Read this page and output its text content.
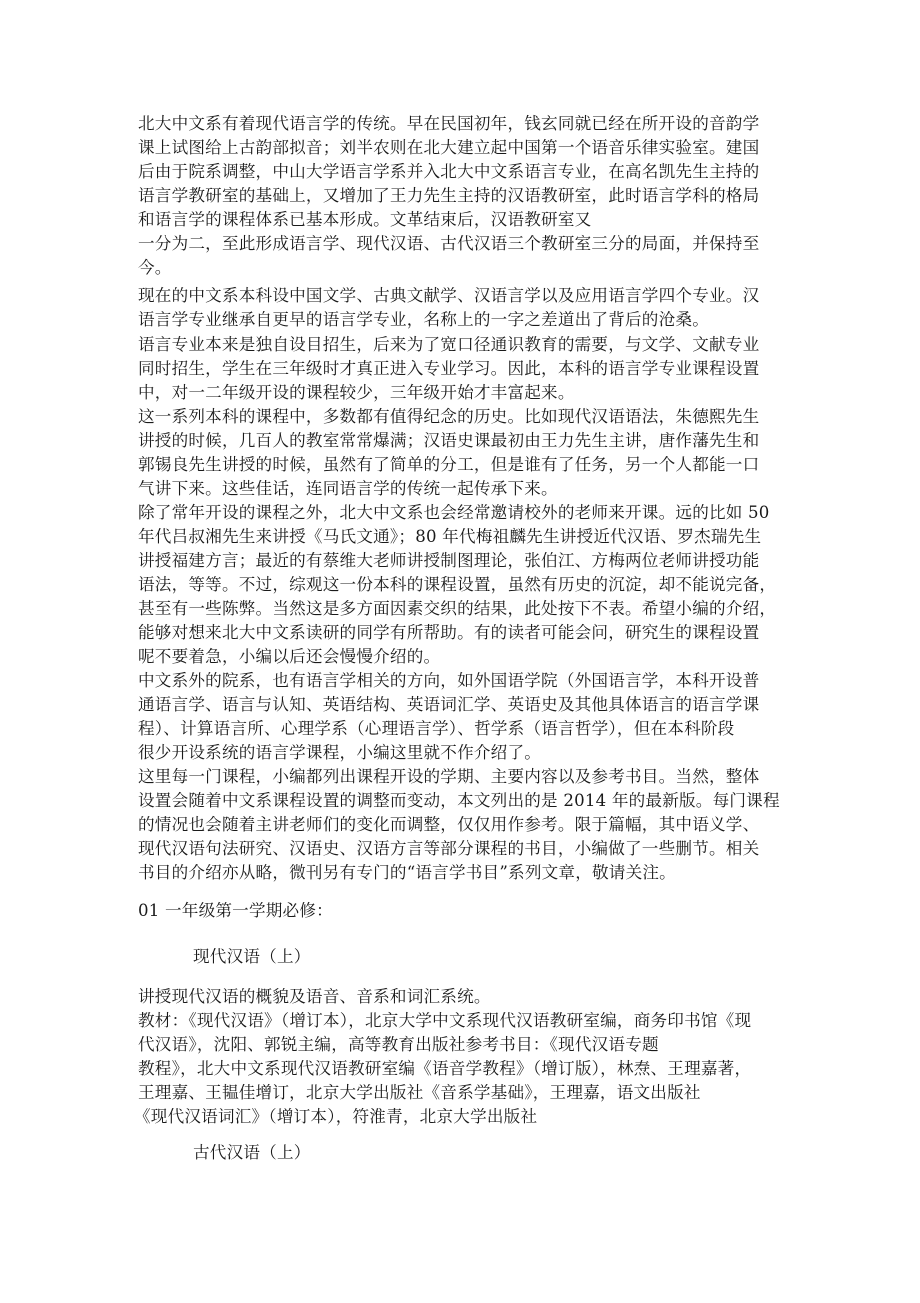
北大中文系有着现代语言学的传统。早在民国初年，钱玄同就已经在所开设的音韵学
课上试图给上古韵部拟音；刘半农则在北大建立起中国第一个语音乐律实验室。建国
后由于院系调整，中山大学语言学系并入北大中文系语言专业，在高名凯先生主持的
语言学教研室的基础上，又增加了王力先生主持的汉语教研室，此时语言学科的格局
和语言学的课程体系已基本形成。文革结束后，汉语教研室又
一分为二，至此形成语言学、现代汉语、古代汉语三个教研室三分的局面，并保持至
今。
现在的中文系本科设中国文学、古典文献学、汉语言学以及应用语言学四个专业。汉
语言学专业继承自更早的语言学专业，名称上的一字之差道出了背后的沧桑。
语言专业本来是独自设目招生，后来为了宽口径通识教育的需要，与文学、文献专业
同时招生，学生在三年级时才真正进入专业学习。因此，本科的语言学专业课程设置
中，对一二年级开设的课程较少，三年级开始才丰富起来。
这一系列本科的课程中，多数都有值得纪念的历史。比如现代汉语语法，朱德熙先生
讲授的时候，几百人的教室常常爆满；汉语史课最初由王力先生主讲，唐作藩先生和
郭锡良先生讲授的时候，虽然有了简单的分工，但是谁有了任务，另一个人都能一口
气讲下来。这些佳话，连同语言学的传统一起传承下来。
除了常年开设的课程之外，北大中文系也会经常邀请校外的老师来开课。远的比如 50
年代吕叔湘先生来讲授《马氏文通》；80 年代梅祖麟先生讲授近代汉语、罗杰瑞先生
讲授福建方言；最近的有蔡维大老师讲授制图理论，张伯江、方梅两位老师讲授功能
语法，等等。不过，综观这一份本科的课程设置，虽然有历史的沉淀，却不能说完备，
甚至有一些陈弊。当然这是多方面因素交织的结果，此处按下不表。希望小编的介绍，
能够对想来北大中文系读研的同学有所帮助。有的读者可能会问，研究生的课程设置
呢不要着急，小编以后还会慢慢介绍的。
中文系外的院系，也有语言学相关的方向，如外国语学院（外国语言学，本科开设普
通语言学、语言与认知、英语结构、英语词汇学、英语史及其他具体语言的语言学课
程）、计算语言所、心理学系（心理语言学）、哲学系（语言哲学），但在本科阶段
很少开设系统的语言学课程，小编这里就不作介绍了。
这里每一门课程，小编都列出课程开设的学期、主要内容以及参考书目。当然，整体
设置会随着中文系课程设置的调整而变动，本文列出的是 2014 年的最新版。每门课程
的情况也会随着主讲老师们的变化而调整，仅仅用作参考。限于篇幅，其中语义学、
现代汉语句法研究、汉语史、汉语方言等部分课程的书目，小编做了一些删节。相关
书目的介绍亦从略，微刊另有专门的“语言学书目”系列文章，敬请关注。
01 一年级第一学期必修：
现代汉语（上）
讲授现代汉语的概貌及语音、音系和词汇系统。
教材：《现代汉语》（增订本），北京大学中文系现代汉语教研室编，商务印书馆《现
代汉语》，沈阳、郭锐主编，高等教育出版社参考书目：《现代汉语专题
教程》，北大中文系现代汉语教研室编《语音学教程》（增订版），林焘、王理嘉著，
王理嘉、王韫佳增订，北京大学出版社《音系学基础》，王理嘉，语文出版社
《现代汉语词汇》（增订本），符淮青，北京大学出版社
古代汉语（上）
